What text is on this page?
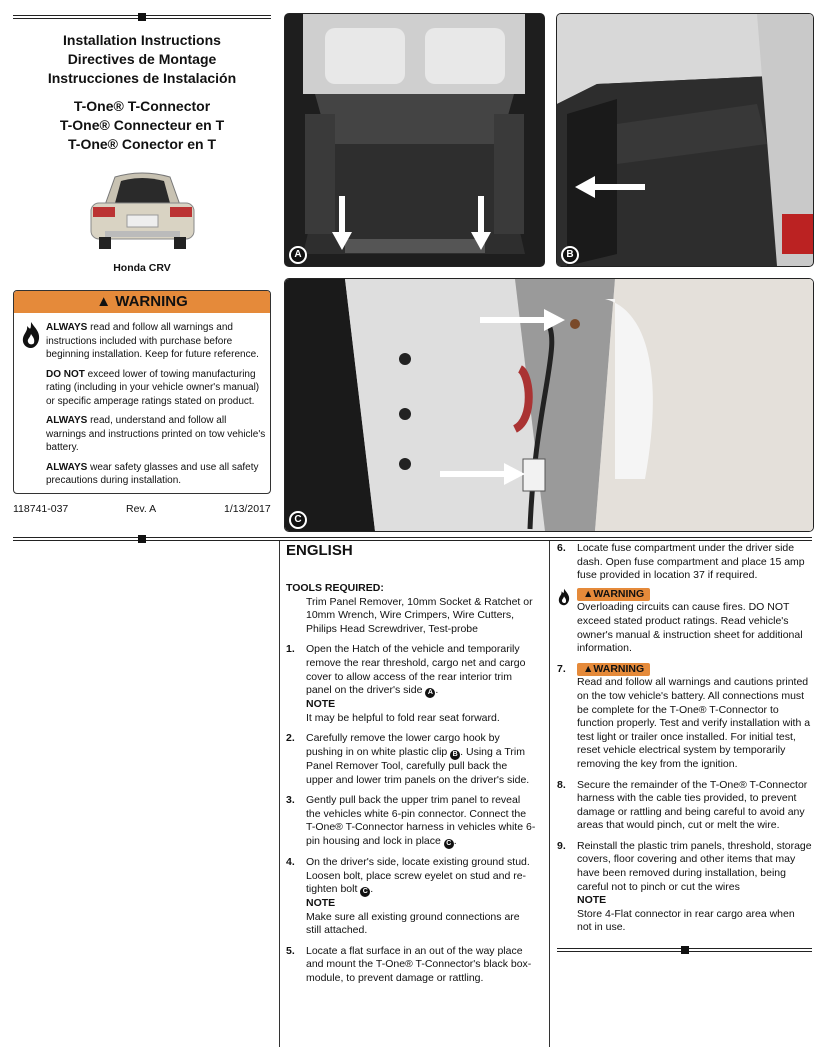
Installation Instructions
Directives de Montage
Instrucciones de Instalación
T-One® T-Connector
T-One® Connecteur en T
T-One® Conector en T
Honda CRV
▲ WARNING

ALWAYS read and follow all warnings and instructions included with purchase before beginning installation. Keep for future reference.

DO NOT exceed lower of towing manufacturing rating (including in your vehicle owner's manual) or specific amperage ratings stated on product.

ALWAYS read, understand and follow all warnings and instructions printed on tow vehicle's battery.

ALWAYS wear safety glasses and use all safety precautions during installation.

118741-037	Rev. A	1/13/2017
A	B
C
ENGLISH

TOOLS REQUIRED:

Trim Panel Remover, 10mm Socket & Ratchet or 10mm Wrench, Wire Crimpers, Wire Cutters, Philips Head Screwdriver, Test-probe

1. Open the Hatch of the vehicle and temporarily remove the rear threshold, cargo net and cargo cover to allow access of the rear interior trim panel on the driver's side A .

NOTE

It may be helpful to fold rear seat forward.

2. Carefully remove the lower cargo hook by pushing in on white plastic clip B . Using a Trim Panel Remover Tool, carefully pull back the upper and lower trim panels on the driver's side.
3. Gently pull back the upper trim panel to reveal the vehicles white 6-pin connector. Connect the T-One® T-Connector harness in vehicles white 6-pin housing and lock in place C .
4. On the driver's side, locate existing ground stud. Loosen bolt, place screw eyelet on stud and re-tighten bolt C .

NOTE

Make sure all existing ground connections are still attached.

5. Locate a flat surface in an out of the way place and mount the T-One® T-Connector's black box-module, to prevent damage or rattling.
6. Locate fuse compartment under the driver side dash. Open fuse compartment and place 15 amp fuse provided in location 37 if required.
▲WARNING

Overloading circuits can cause fires. DO NOT exceed stated product ratings. Read vehicle's owner's manual & instruction sheet for additional information.

7. ▲WARNING

Read and follow all warnings and cautions printed on the tow vehicle's battery. All connections must be complete for the T-One® T-Connector to function properly. Test and verify installation with a test light or trailer once installed. For initial test, reset vehicle electrical system by temporarily removing the key from the ignition.

8. Secure the remainder of the T-One® T-Connector harness with the cable ties provided, to prevent damage or rattling and being careful to avoid any areas that would pinch, cut or melt the wire.
9. Reinstall the plastic trim panels, threshold, storage covers, floor covering and other items that may have been removed during installation, being careful not to pinch or cut the wires

NOTE

Store 4-Flat connector in rear cargo area when not in use.
